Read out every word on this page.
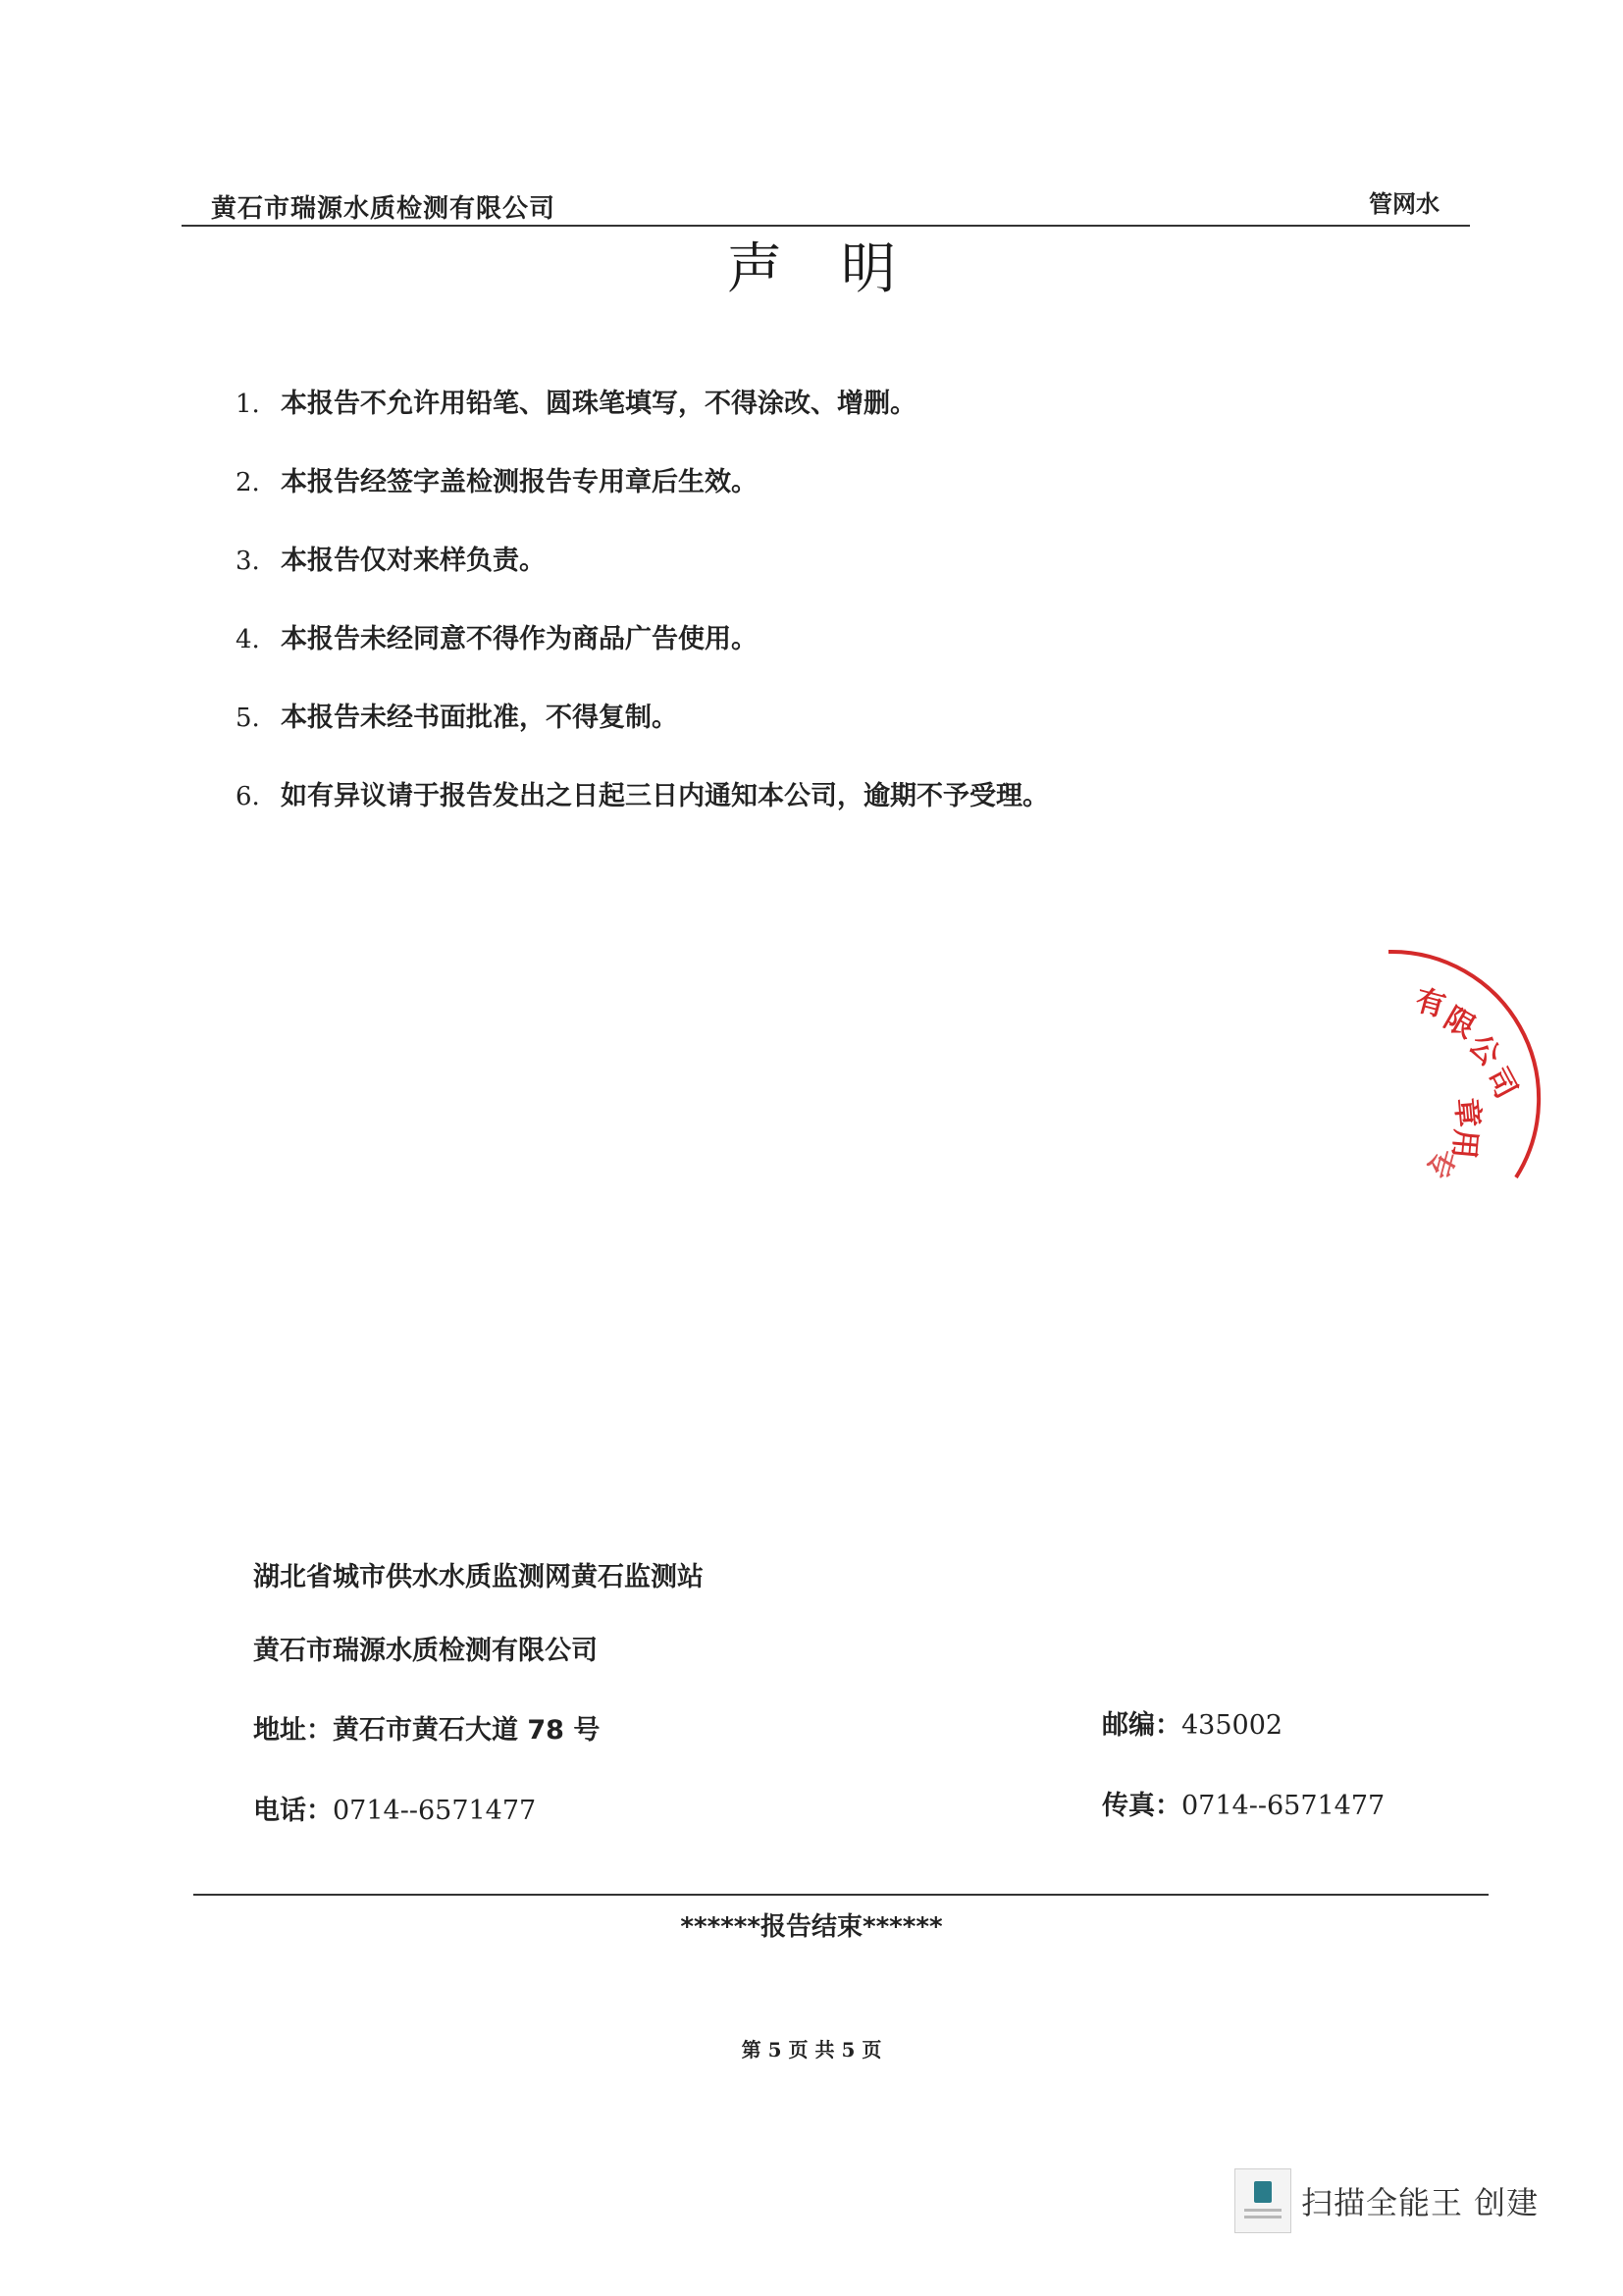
黄石市瑞源水质检测有限公司	管网水
声明
1. 本报告不允许用铅笔、圆珠笔填写，不得涂改、增删。
2. 本报告经签字盖检测报告专用章后生效。
3. 本报告仅对来样负责。
4. 本报告未经同意不得作为商品广告使用。
5. 本报告未经书面批准，不得复制。
6. 如有异议请于报告发出之日起三日内通知本公司，逾期不予受理。
有
限
公
司
章
用
专
湖北省城市供水水质监测网黄石监测站
黄石市瑞源水质检测有限公司
地址：黄石市黄石大道 78 号	邮编：435002
电话：0714--6571477	传真：0714--6571477
******报告结束******
第 5 页 共 5 页
扫描全能王 创建
